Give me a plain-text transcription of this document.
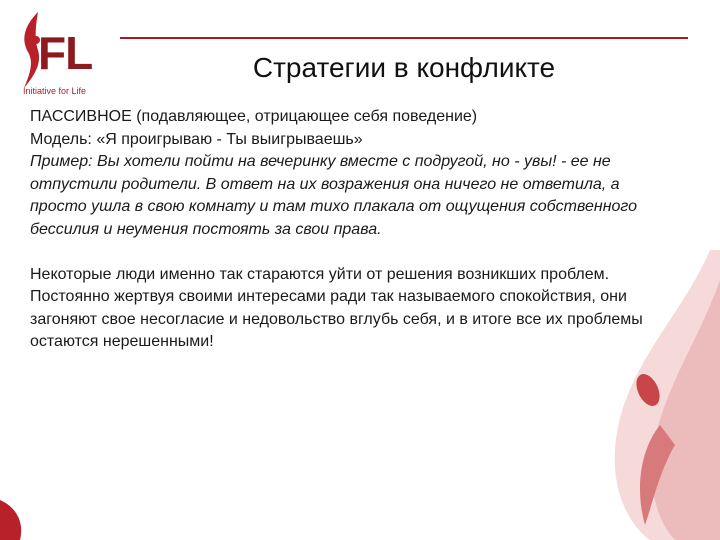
FL
Initiative for Life
Стратегии в конфликте

ПАССИВНОЕ (подавляющее, отрицающее себя поведение)

Модель: «Я проигрываю - Ты выигрываешь»

Пример: Вы хотели пойти на вечеринку вместе с подругой, но - увы! - ее не отпустили родители. В ответ на их возражения она ничего не ответила, а просто ушла в свою комнату и там тихо плакала от ощущения собственного бессилия и неумения постоять за свои права.

Некоторые люди именно так стараются уйти от решения возникших проблем.

Постоянно жертвуя своими интересами ради так называемого спокойствия, они загоняют свое несогласие и недовольство вглубь себя, и в итоге все их проблемы остаются нерешенными!
